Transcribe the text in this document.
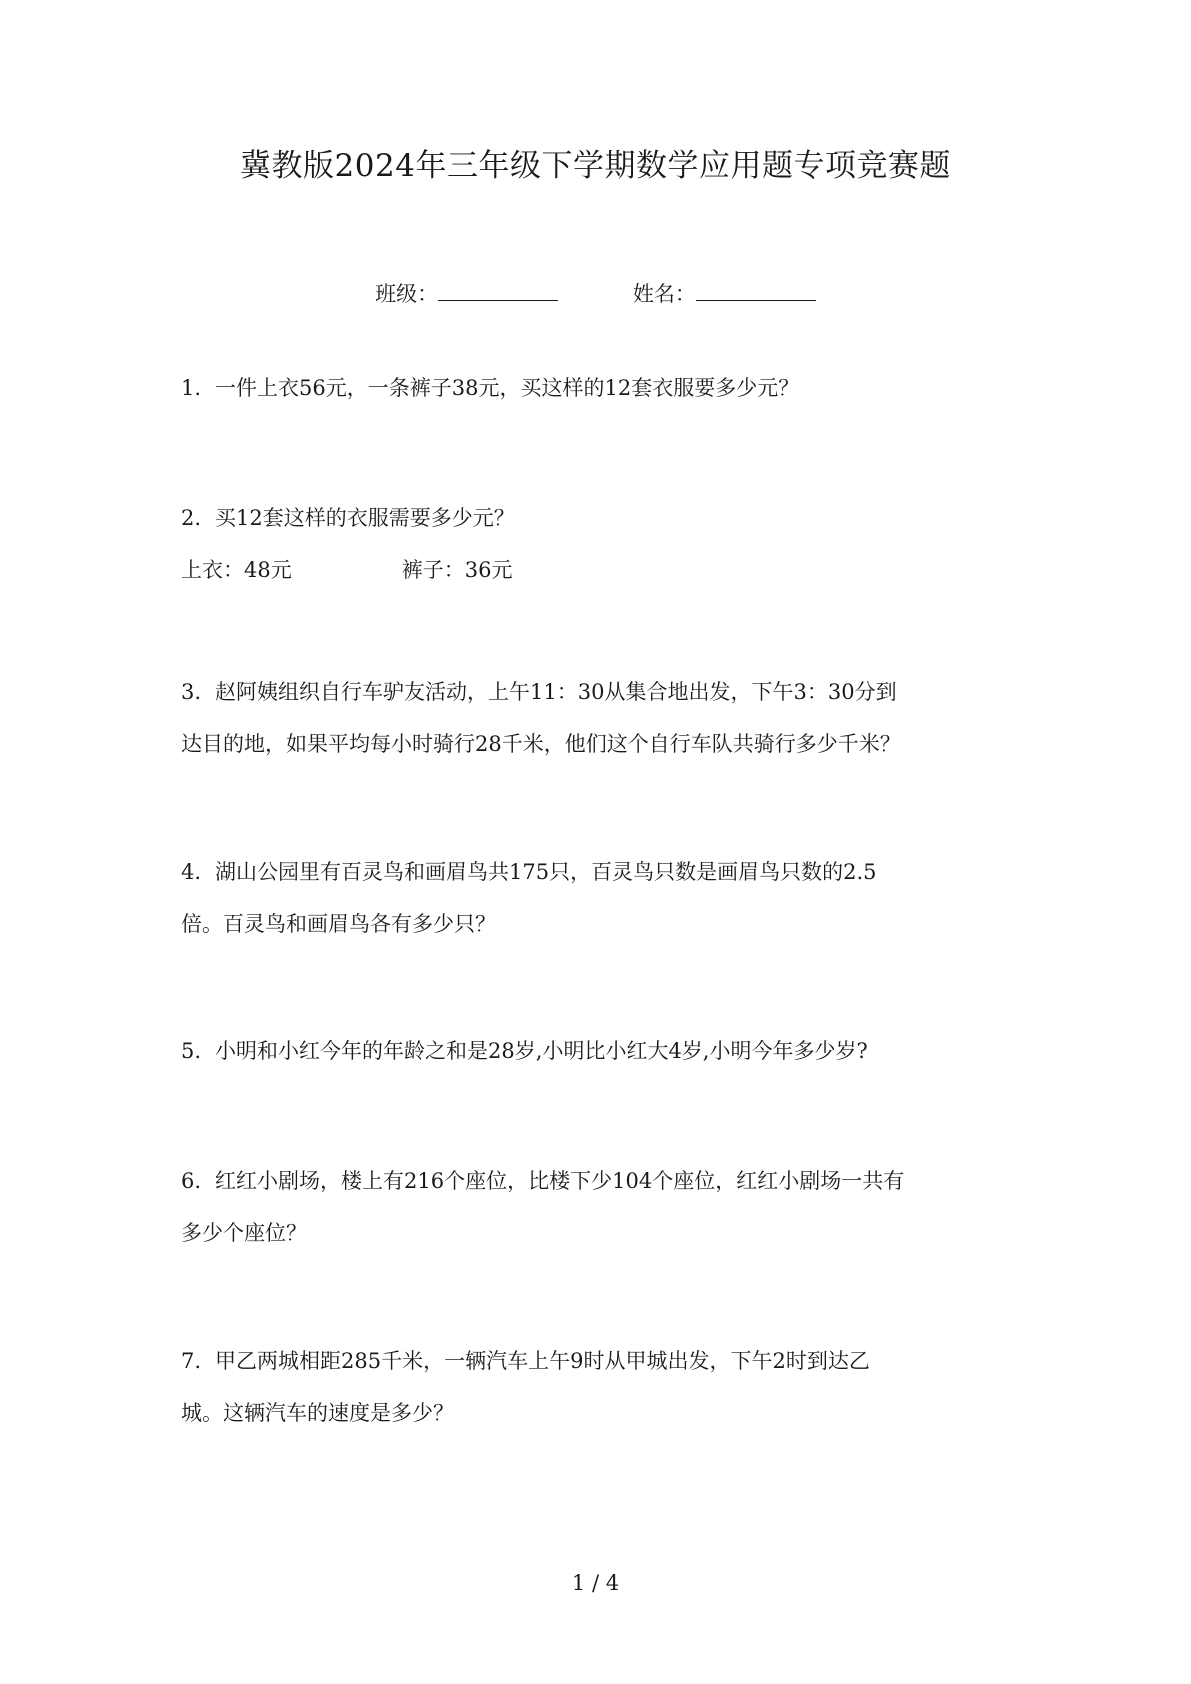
冀教版2024年三年级下学期数学应用题专项竞赛题
班级：	姓名：
1. 一件上衣56元，一条裤子38元，买这样的12套衣服要多少元？
2. 买12套这样的衣服需要多少元？
上衣：48元	裤子：36元
3. 赵阿姨组织自行车驴友活动，上午11：30从集合地出发，下午3：30分到
达目的地，如果平均每小时骑行28千米，他们这个自行车队共骑行多少千米？
4. 湖山公园里有百灵鸟和画眉鸟共175只，百灵鸟只数是画眉鸟只数的2.5
倍。百灵鸟和画眉鸟各有多少只？
5. 小明和小红今年的年龄之和是28岁,小明比小红大4岁,小明今年多少岁?
6. 红红小剧场，楼上有216个座位，比楼下少104个座位，红红小剧场一共有
多少个座位？
7. 甲乙两城相距285千米，一辆汽车上午9时从甲城出发，下午2时到达乙
城。这辆汽车的速度是多少？
1 / 4
